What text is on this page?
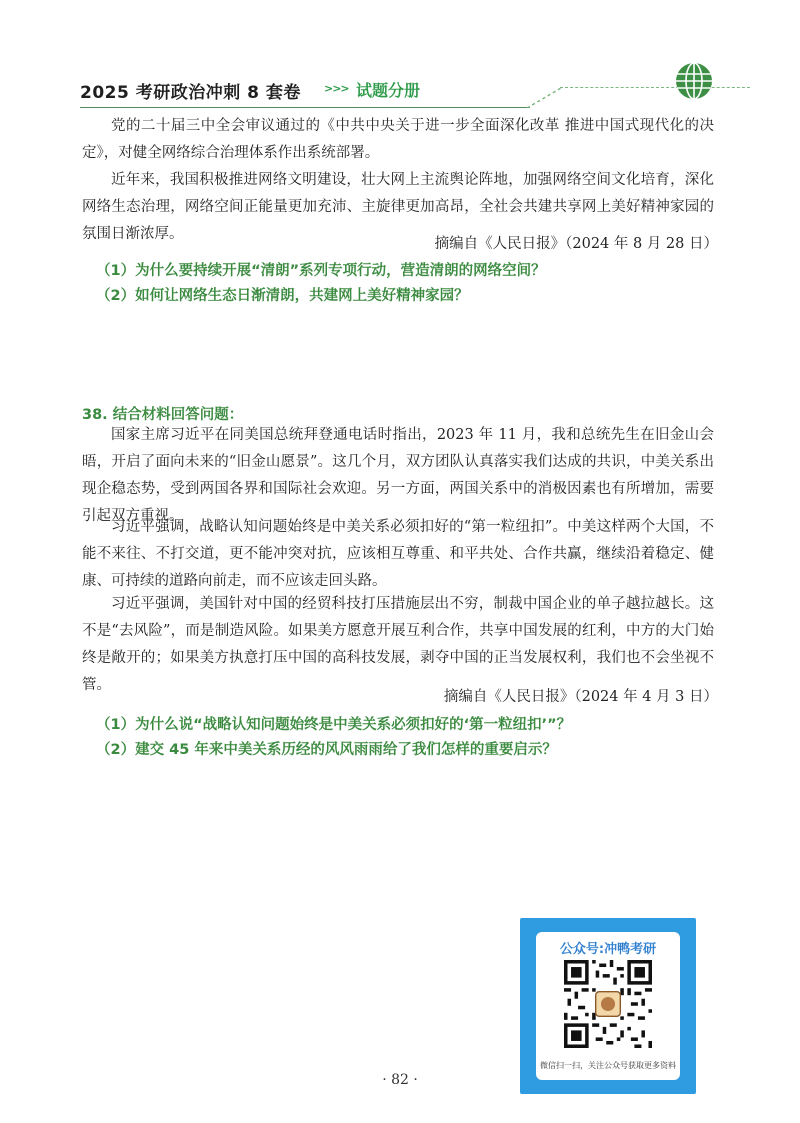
2025 考研政治冲刺 8 套卷 >>> 试题分册

党的二十届三中全会审议通过的《中共中央关于进一步全面深化改革 推进中国式现代化的决定》，对健全网络综合治理体系作出系统部署。

近年来，我国积极推进网络文明建设，壮大网上主流舆论阵地，加强网络空间文化培育，深化网络生态治理，网络空间正能量更加充沛、主旋律更加高昂，全社会共建共享网上美好精神家园的氛围日渐浓厚。

摘编自《人民日报》（2024 年 8 月 28 日）

（1）为什么要持续开展“清朗”系列专项行动，营造清朗的网络空间？

（2）如何让网络生态日渐清朗，共建网上美好精神家园？

38. 结合材料回答问题：

国家主席习近平在同美国总统拜登通电话时指出，2023 年 11 月，我和总统先生在旧金山会晤，开启了面向未来的“旧金山愿景”。这几个月，双方团队认真落实我们达成的共识，中美关系出现企稳态势，受到两国各界和国际社会欢迎。另一方面，两国关系中的消极因素也有所增加，需要引起双方重视。

习近平强调，战略认知问题始终是中美关系必须扣好的“第一粒纽扣”。中美这样两个大国，不能不来往、不打交道，更不能冲突对抗，应该相互尊重、和平共处、合作共赢，继续沿着稳定、健康、可持续的道路向前走，而不应该走回头路。

习近平强调，美国针对中国的经贸科技打压措施层出不穷，制裁中国企业的单子越拉越长。这不是“去风险”，而是制造风险。如果美方愿意开展互利合作，共享中国发展的红利，中方的大门始终是敞开的；如果美方执意打压中国的高科技发展，剥夺中国的正当发展权利，我们也不会坐视不管。

摘编自《人民日报》（2024 年 4 月 3 日）

（1）为什么说“战略认知问题始终是中美关系必须扣好的‘第一粒纽扣’”？

（2）建交 45 年来中美关系历经的风风雨雨给了我们怎样的重要启示？

公众号:冲鸭考研
微信扫一扫，关注公众号获取更多资料
· 82 ·
